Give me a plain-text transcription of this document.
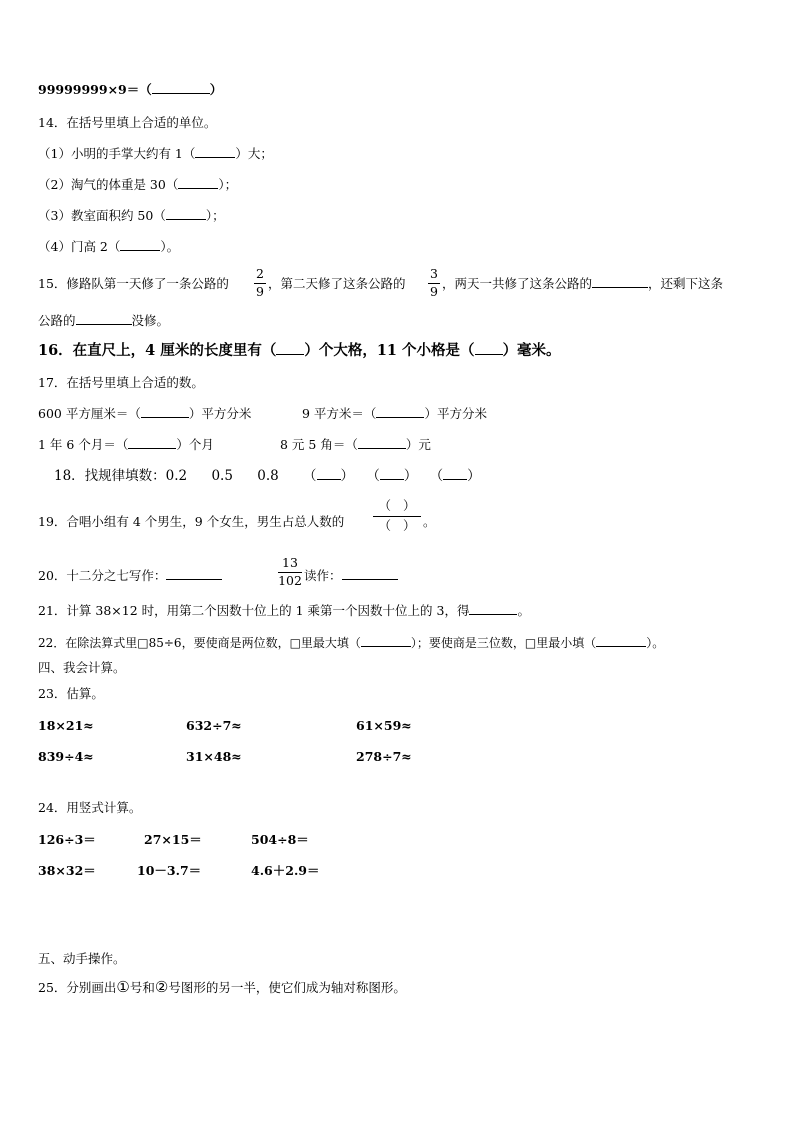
99999999×9＝（	）
14．在括号里填上合适的单位。
（1）小明的手掌大约有 1（	）大；
（2）淘气的体重是 30（	）；
（3）教室面积约 50（	）；
（4）门高 2（	）。
15．修路队第一天修了一条公路的
2
9 ，第二天修了这条公路的
3
9 ，两天一共修了这条公路的	，还剩下这条
公路的	没修。
16．在直尺上，4 厘米的长度里有（ ）个大格，11 个小格是（ ）毫米。
17．在括号里填上合适的数。
600 平方厘米＝（	）平方分米	9 平方米＝（	）平方分米
1 年 6 个月＝（	）个月	8 元 5 角＝（	）元
18．找规律填数：0.2 0.5 0.8 （ ） （ ） （ ）
19．合唱小组有 4 个男生，9 个女生，男生占总人数的
（ ）
（ ） 。
20．十二分之七写作：
13
102 读作：
21．计算 38×12 时，用第二个因数十位上的 1 乘第一个因数十位上的 3，得	。
22．在除法算式里□85÷6，要使商是两位数，□里最大填（	）；要使商是三位数，□里最小填（	）。
四、我会计算。
23．估算。
18×21≈	632÷7≈	61×59≈
839÷4≈	31×48≈	278÷7≈
24．用竖式计算。
126÷3＝	27×15＝	504÷8＝
38×32＝	10－3.7＝	4.6＋2.9＝
五、动手操作。
25．分别画出①号和②号图形的另一半，使它们成为轴对称图形。
